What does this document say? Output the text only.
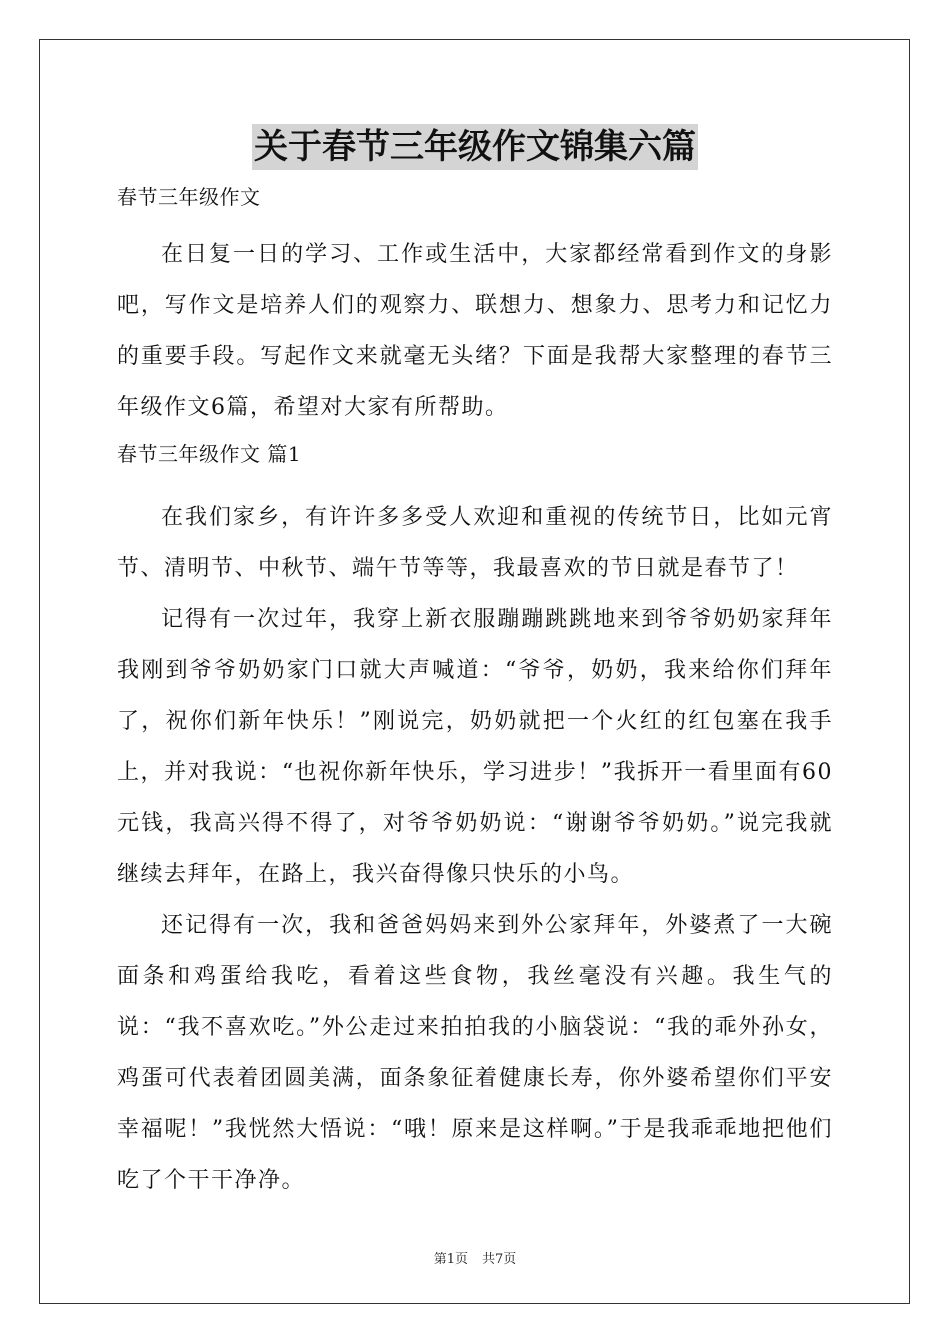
关于春节三年级作文锦集六篇

春节三年级作文

在日复一日的学习、工作或生活中，大家都经常看到作文的身影吧，写作文是培养人们的观察力、联想力、想象力、思考力和记忆力的重要手段。写起作文来就毫无头绪？下面是我帮大家整理的春节三年级作文6篇，希望对大家有所帮助。

春节三年级作文 篇1

在我们家乡，有许许多多受人欢迎和重视的传统节日，比如元宵节、清明节、中秋节、端午节等等，我最喜欢的节日就是春节了！

记得有一次过年，我穿上新衣服蹦蹦跳跳地来到爷爷奶奶家拜年我刚到爷爷奶奶家门口就大声喊道：“爷爷，奶奶，我来给你们拜年了，祝你们新年快乐！”刚说完，奶奶就把一个火红的红包塞在我手上，并对我说：“也祝你新年快乐，学习进步！”我拆开一看里面有60元钱，我高兴得不得了，对爷爷奶奶说：“谢谢爷爷奶奶。”说完我就继续去拜年，在路上，我兴奋得像只快乐的小鸟。

还记得有一次，我和爸爸妈妈来到外公家拜年，外婆煮了一大碗面条和鸡蛋给我吃，看着这些食物，我丝毫没有兴趣。我生气的说：“我不喜欢吃。”外公走过来拍拍我的小脑袋说：“我的乖外孙女，鸡蛋可代表着团圆美满，面条象征着健康长寿，你外婆希望你们平安幸福呢！”我恍然大悟说：“哦！原来是这样啊。”于是我乖乖地把他们吃了个干干净净。

第1页 共7页
